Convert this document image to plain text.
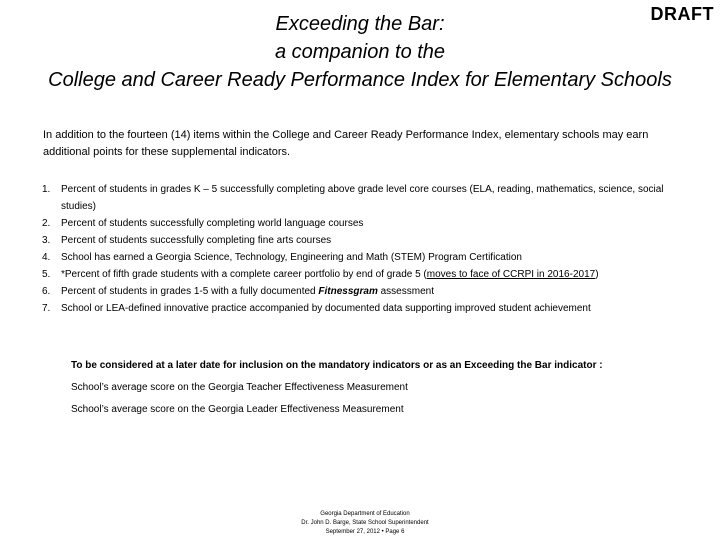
DRAFT
Exceeding the Bar:
a companion to the
College and Career Ready Performance Index for Elementary Schools

In addition to the fourteen (14) items within the College and Career Ready Performance Index, elementary schools may earn additional points for these supplemental indicators.

1.	Percent of students in grades K – 5 successfully completing above grade level core courses (ELA, reading, mathematics, science, social studies)
2.	Percent of students successfully completing world language courses
3.	Percent of students successfully completing fine arts courses
4.	School has earned a Georgia Science, Technology, Engineering and Math (STEM) Program Certification
5.	*Percent of fifth grade students with a complete career portfolio by end of grade 5 (moves to face of CCRPI in 2016-2017)
6.	Percent of students in grades 1-5 with a fully documented Fitnessgram assessment
7.	School or LEA-defined innovative practice accompanied by documented data supporting improved student achievement
To be considered at a later date for inclusion on the mandatory indicators or as an Exceeding the Bar indicator :
School’s average score on the Georgia Teacher Effectiveness Measurement
School’s average score on the Georgia Leader Effectiveness Measurement
Georgia Department of Education
Dr. John D. Barge, State School Superintendent
September 27, 2012 • Page 6
